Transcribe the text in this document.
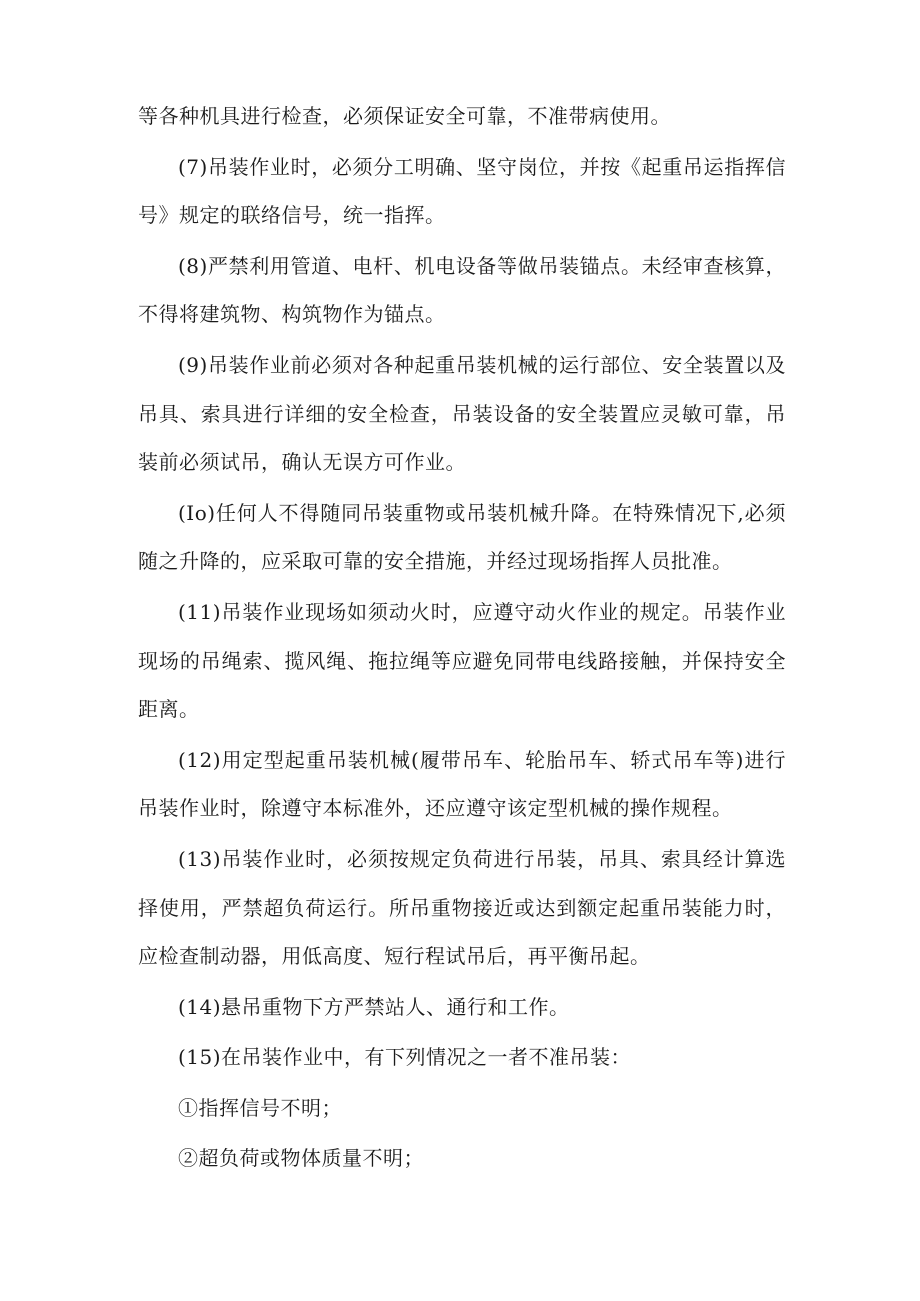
等各种机具进行检查，必须保证安全可靠，不准带病使用。

(7)吊装作业时，必须分工明确、坚守岗位，并按《起重吊运指挥信号》规定的联络信号，统一指挥。

(8)严禁利用管道、电杆、机电设备等做吊装锚点。未经审查核算，不得将建筑物、构筑物作为锚点。

(9)吊装作业前必须对各种起重吊装机械的运行部位、安全装置以及吊具、索具进行详细的安全检查，吊装设备的安全装置应灵敏可靠，吊装前必须试吊，确认无误方可作业。

(Io)任何人不得随同吊装重物或吊装机械升降。在特殊情况下,必须随之升降的，应采取可靠的安全措施，并经过现场指挥人员批准。

(11)吊装作业现场如须动火时，应遵守动火作业的规定。吊装作业现场的吊绳索、揽风绳、拖拉绳等应避免同带电线路接触，并保持安全距离。

(12)用定型起重吊装机械(履带吊车、轮胎吊车、轿式吊车等)进行吊装作业时，除遵守本标准外，还应遵守该定型机械的操作规程。

(13)吊装作业时，必须按规定负荷进行吊装，吊具、索具经计算选择使用，严禁超负荷运行。所吊重物接近或达到额定起重吊装能力时，应检查制动器，用低高度、短行程试吊后，再平衡吊起。

(14)悬吊重物下方严禁站人、通行和工作。

(15)在吊装作业中，有下列情况之一者不准吊装：

①指挥信号不明；

②超负荷或物体质量不明；
